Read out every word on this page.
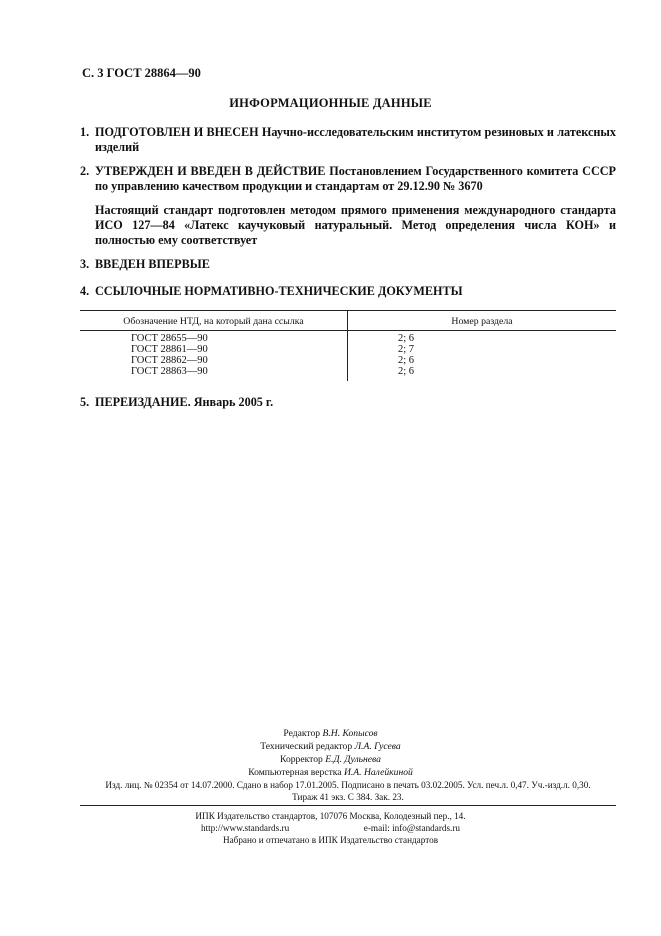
С. 3 ГОСТ 28864—90
ИНФОРМАЦИОННЫЕ ДАННЫЕ
1. ПОДГОТОВЛЕН И ВНЕСЕН Научно-исследовательским институтом резиновых и латексных изделий
2. УТВЕРЖДЕН И ВВЕДЕН В ДЕЙСТВИЕ Постановлением Государственного комитета СССР по управлению качеством продукции и стандартам от 29.12.90 № 3670
Настоящий стандарт подготовлен методом прямого применения международного стандарта ИСО 127—84 «Латекс каучуковый натуральный. Метод определения числа КОН» и полностью ему соответствует
3. ВВЕДЕН ВПЕРВЫЕ
4. ССЫЛОЧНЫЕ НОРМАТИВНО-ТЕХНИЧЕСКИЕ ДОКУМЕНТЫ
Обозначение НТД, на который дана ссылка	Номер раздела
ГОСТ 28655—90	2; 6
ГОСТ 28861—90	2; 7
ГОСТ 28862—90	2; 6
ГОСТ 28863—90	2; 6
5. ПЕРЕИЗДАНИЕ. Январь 2005 г.
Редактор В.Н. Копысов
Технический редактор Л.А. Гусева
Корректор Е.Д. Дульнева
Компьютерная верстка И.А. Налейкиной
Изд. лиц. № 02354 от 14.07.2000. Сдано в набор 17.01.2005. Подписано в печать 03.02.2005. Усл. печ.л. 0,47. Уч.-изд.л. 0,30.
Тираж 41 экз. С 384. Зак. 23.
ИПК Издательство стандартов, 107076 Москва, Колодезный пер., 14.
http://www.standards.ru	e-mail: info@standards.ru
Набрано и отпечатано в ИПК Издательство стандартов
